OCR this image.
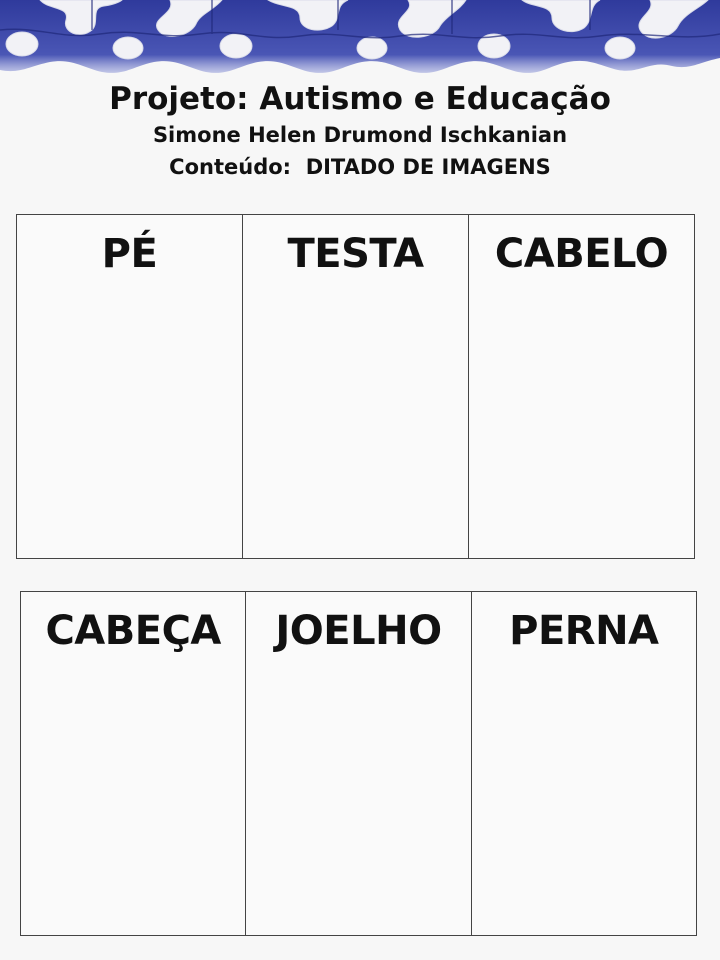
Projeto: Autismo e Educação

Simone Helen Drumond Ischkanian

Conteúdo: DITADO DE IMAGENS

PÉ	TESTA	CABELO
CABEÇA	JOELHO	PERNA
